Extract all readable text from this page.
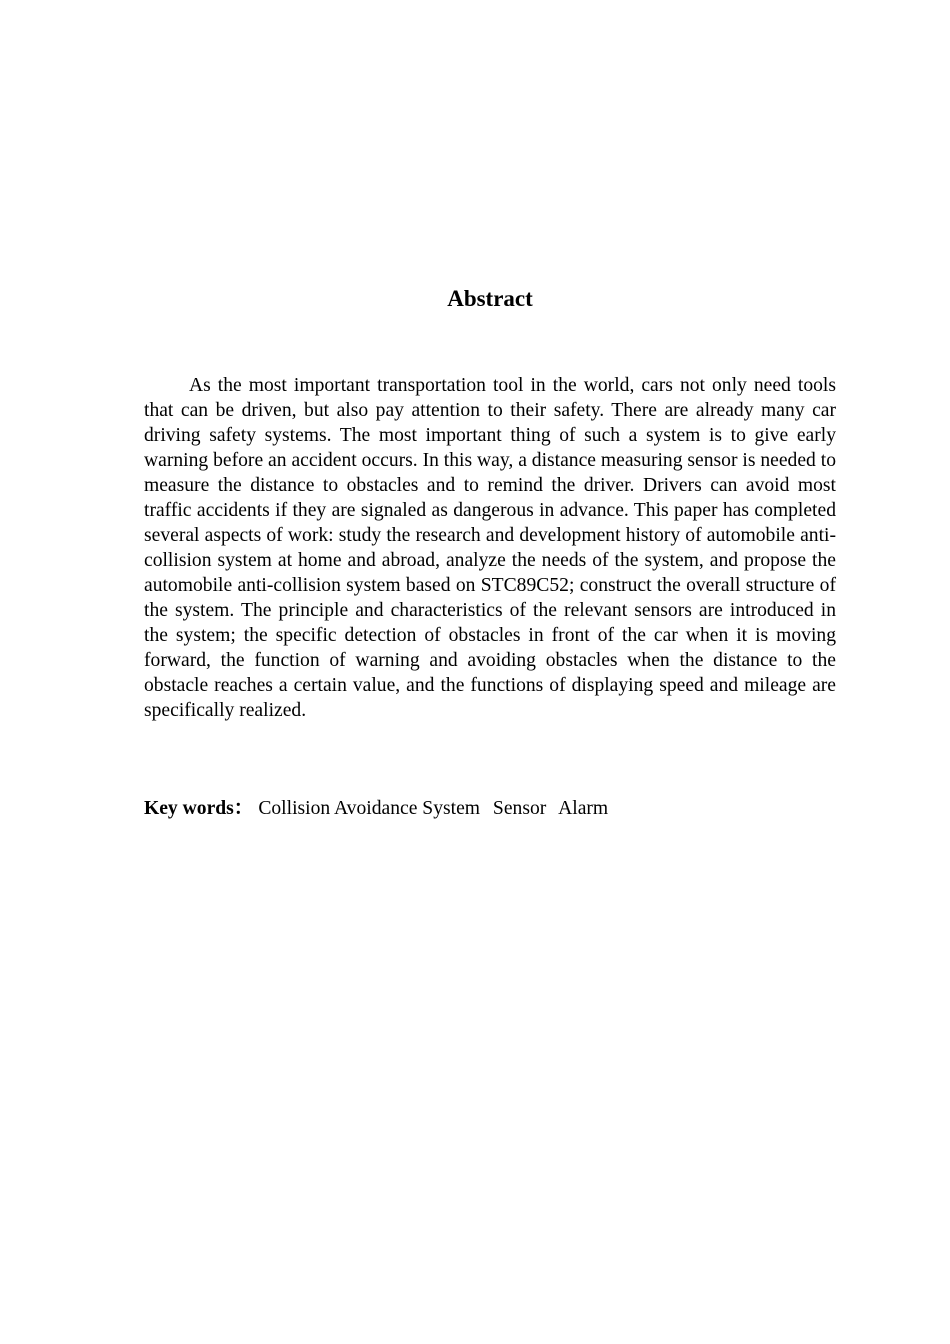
Abstract

As the most important transportation tool in the world, cars not only need tools that can be driven, but also pay attention to their safety. There are already many car driving safety systems. The most important thing of such a system is to give early warning before an accident occurs. In this way, a distance measuring sensor is needed to measure the distance to obstacles and to remind the driver. Drivers can avoid most traffic accidents if they are signaled as dangerous in advance. This paper has completed several aspects of work: study the research and development history of automobile anti-collision system at home and abroad, analyze the needs of the system, and propose the automobile anti-collision system based on STC89C52; construct the overall structure of the system. The principle and characteristics of the relevant sensors are introduced in the system; the specific detection of obstacles in front of the car when it is moving forward, the function of warning and avoiding obstacles when the distance to the obstacle reaches a certain value, and the functions of displaying speed and mileage are specifically realized.

Key words： Collision Avoidance System Sensor Alarm
